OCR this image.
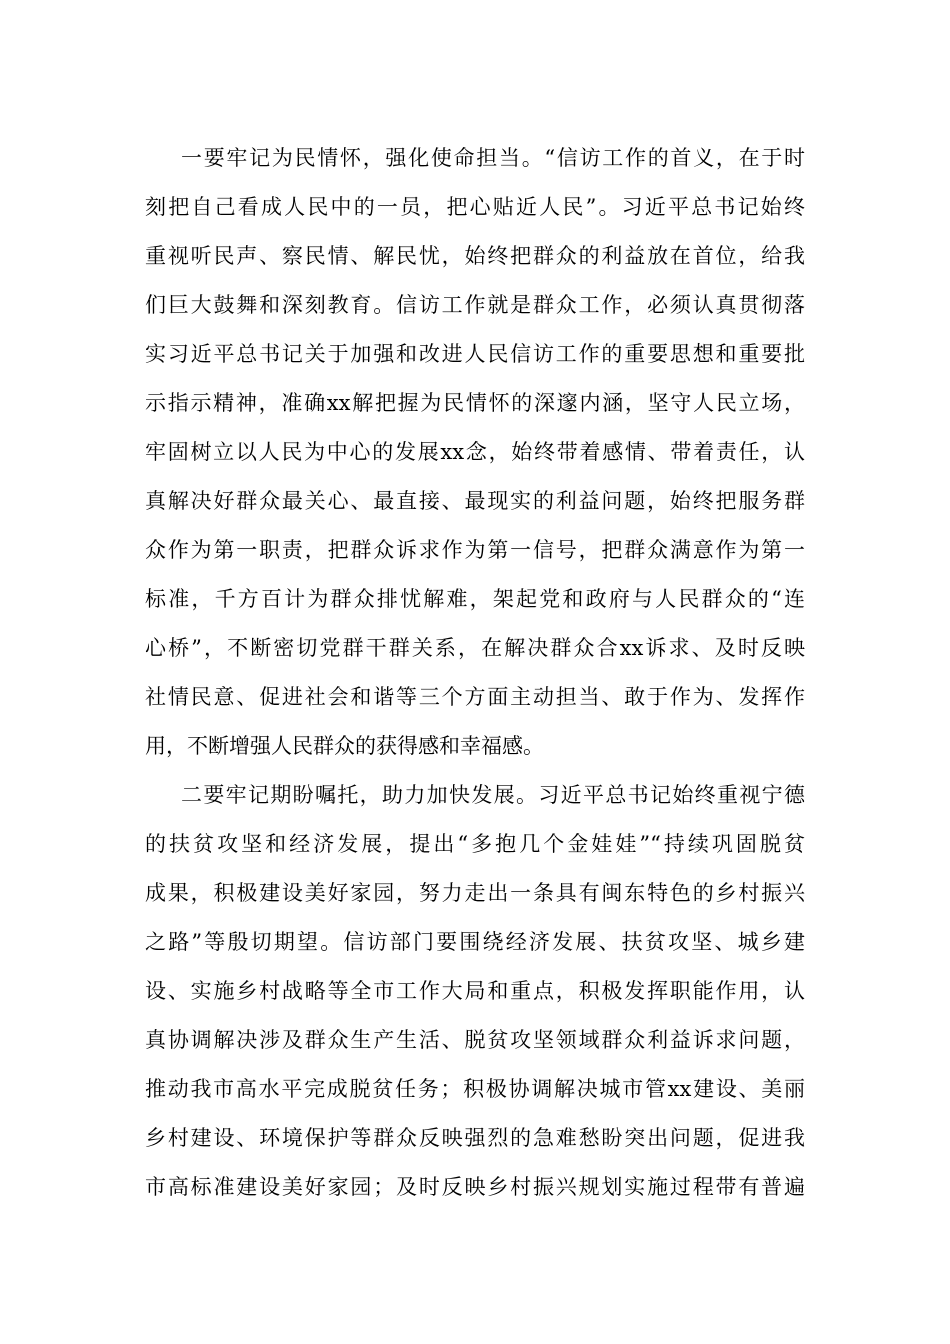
一要牢记为民情怀，强化使命担当。“信访工作的首义，在于时
刻把自己看成人民中的一员，把心贴近人民”。习近平总书记始终
重视听民声、察民情、解民忧，始终把群众的利益放在首位，给我
们巨大鼓舞和深刻教育。信访工作就是群众工作，必须认真贯彻落
实习近平总书记关于加强和改进人民信访工作的重要思想和重要批
示指示精神，准确xx解把握为民情怀的深邃内涵，坚守人民立场，
牢固树立以人民为中心的发展xx念，始终带着感情、带着责任，认
真解决好群众最关心、最直接、最现实的利益问题，始终把服务群
众作为第一职责，把群众诉求作为第一信号，把群众满意作为第一
标准，千方百计为群众排忧解难，架起党和政府与人民群众的“连
心桥”，不断密切党群干群关系，在解决群众合xx诉求、及时反映
社情民意、促进社会和谐等三个方面主动担当、敢于作为、发挥作
用，不断增强人民群众的获得感和幸福感。
二要牢记期盼嘱托，助力加快发展。习近平总书记始终重视宁德
的扶贫攻坚和经济发展，提出“多抱几个金娃娃”“持续巩固脱贫
成果，积极建设美好家园，努力走出一条具有闽东特色的乡村振兴
之路”等殷切期望。信访部门要围绕经济发展、扶贫攻坚、城乡建
设、实施乡村战略等全市工作大局和重点，积极发挥职能作用，认
真协调解决涉及群众生产生活、脱贫攻坚领域群众利益诉求问题，
推动我市高水平完成脱贫任务；积极协调解决城市管xx建设、美丽
乡村建设、环境保护等群众反映强烈的急难愁盼突出问题，促进我
市高标准建设美好家园；及时反映乡村振兴规划实施过程带有普遍
